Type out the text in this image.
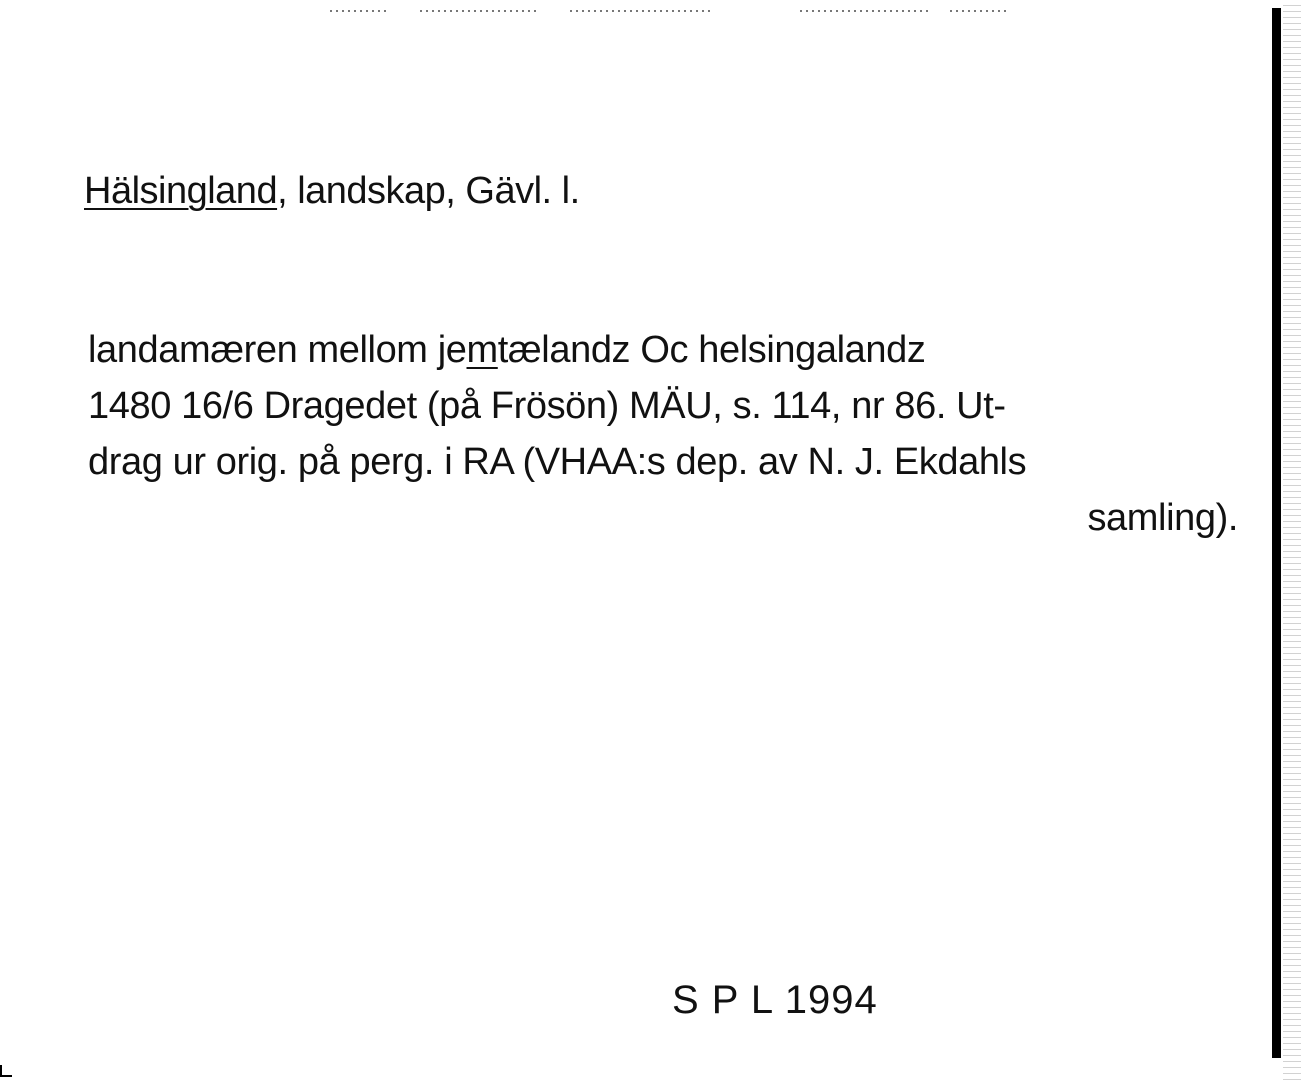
Hälsingland, landskap, Gävl. l.
landamæren mellom jemtælandz Oc helsingalandz
1480 16/6 Dragedet (på Frösön) MÄU, s. 114, nr 86. Ut-
drag ur orig. på perg. i RA (VHAA:s dep. av N. J. Ekdahls
samling).
S P L 1994
